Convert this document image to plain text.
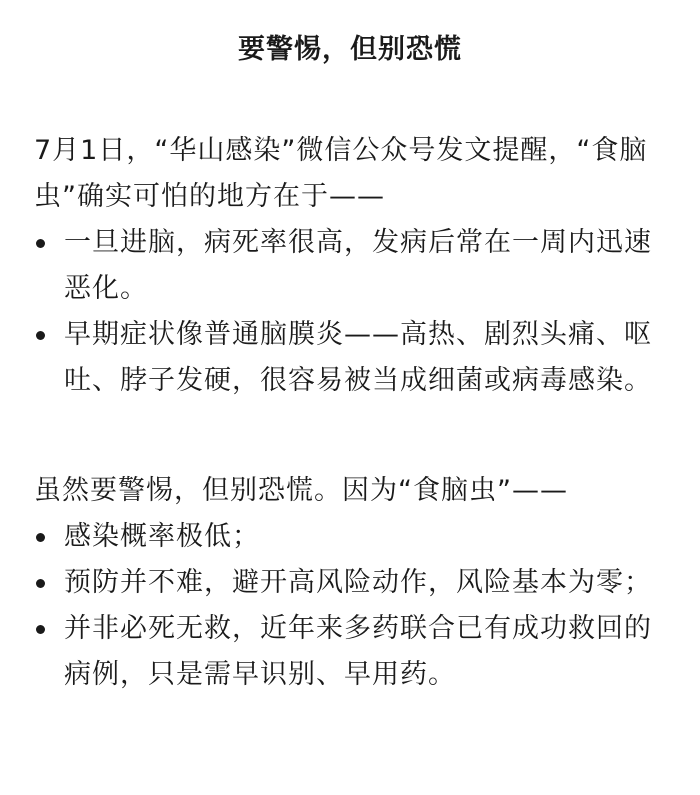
要警惕，但别恐慌

7月1日，“华山感染”微信公众号发文提醒，“食脑虫”确实可怕的地方在于——

一旦进脑，病死率很高，发病后常在一周内迅速恶化。
早期症状像普通脑膜炎——高热、剧烈头痛、呕吐、脖子发硬，很容易被当成细菌或病毒感染。

虽然要警惕，但别恐慌。因为“食脑虫”——

感染概率极低；
预防并不难，避开高风险动作，风险基本为零；
并非必死无救，近年来多药联合已有成功救回的病例，只是需早识别、早用药。
